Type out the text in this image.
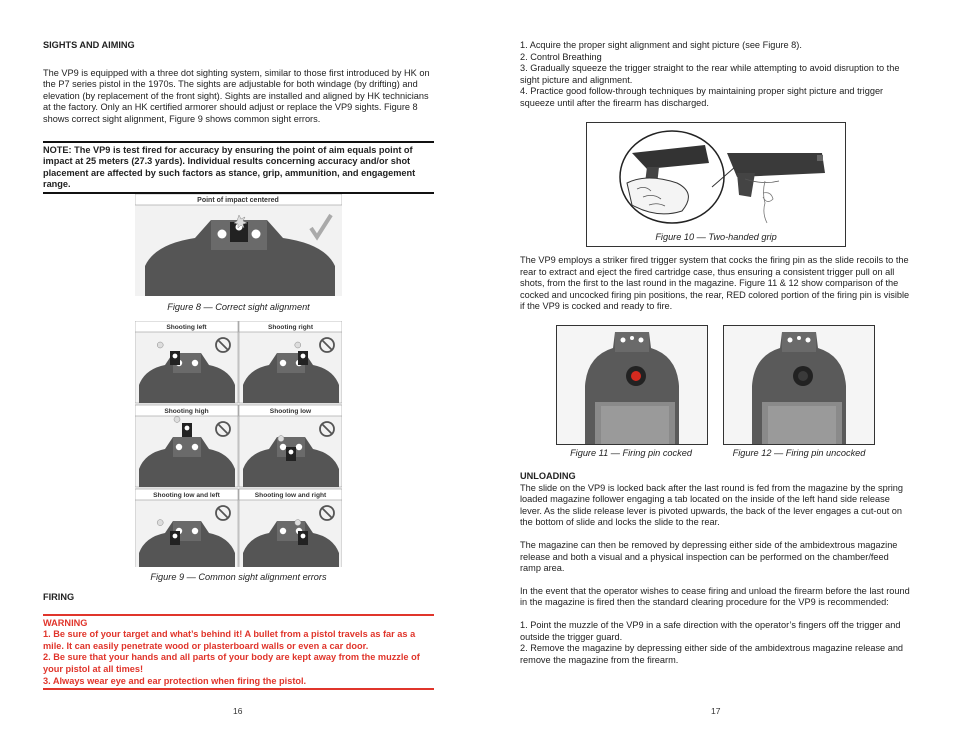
SIGHTS AND AIMING

The VP9 is equipped with a three dot sighting system, similar to those first introduced by HK on the P7 series pistol in the 1970s. The sights are adjustable for both windage (by drifting) and elevation (by replacement of the front sight). Sights are installed and aligned by HK technicians at the factory. Only an HK certified armorer should adjust or replace the VP9 sights. Figure 8 shows correct sight alignment, Figure 9 shows common sight errors.

NOTE: The VP9 is test fired for accuracy by ensuring the point of aim equals point of impact at 25 meters (27.3 yards). Individual results concerning accuracy and/or shot placement are affected by such factors as stance, grip, ammunition, and engagement range.

Point of impact centered

Figure 8 — Correct sight alignment

Shooting left	Shooting right
Shooting high	Shooting low
Shooting low and left	Shooting low and right

Figure 9 — Common sight alignment errors

FIRING

WARNING

1. Be sure of your target and what’s behind it! A bullet from a pistol travels as far as a mile. It can easily penetrate wood or plasterboard walls or even a car door.

2. Be sure that your hands and all parts of your body are kept away from the muzzle of your pistol at all times!

3. Always wear eye and ear protection when firing the pistol.

16

1. Acquire the proper sight alignment and sight picture (see Figure 8).

2. Control Breathing

3. Gradually squeeze the trigger straight to the rear while attempting to avoid disruption to the sight picture and alignment.

4. Practice good follow-through techniques by maintaining proper sight picture and trigger squeeze until after the firearm has discharged.

Figure 10 — Two-handed grip

The VP9 employs a striker fired trigger system that cocks the firing pin as the slide recoils to the rear to extract and eject the fired cartridge case, thus ensuring a consistent trigger pull on all shots, from the first to the last round in the magazine. Figure 11 & 12 show comparison of the cocked and uncocked firing pin positions, the rear, RED colored portion of the firing pin is visible if the VP9 is cocked and ready to fire.

Figure 11 — Firing pin cocked	Figure 12 — Firing pin uncocked

UNLOADING

The slide on the VP9 is locked back after the last round is fed from the magazine by the spring loaded magazine follower engaging a tab located on the inside of the left hand side release lever. As the slide release lever is pivoted upwards, the back of the lever engages a cut-out on the bottom of slide and locks the slide to the rear.

The magazine can then be removed by depressing either side of the ambidextrous magazine release and both a visual and a physical inspection can be performed on the chamber/feed ramp area.

In the event that the operator wishes to cease firing and unload the firearm before the last round in the magazine is fired then the standard clearing procedure for the VP9 is recommended:

1. Point the muzzle of the VP9 in a safe direction with the operator’s fingers off the trigger and outside the trigger guard.

2. Remove the magazine by depressing either side of the ambidextrous magazine release and remove the magazine from the firearm.

17
